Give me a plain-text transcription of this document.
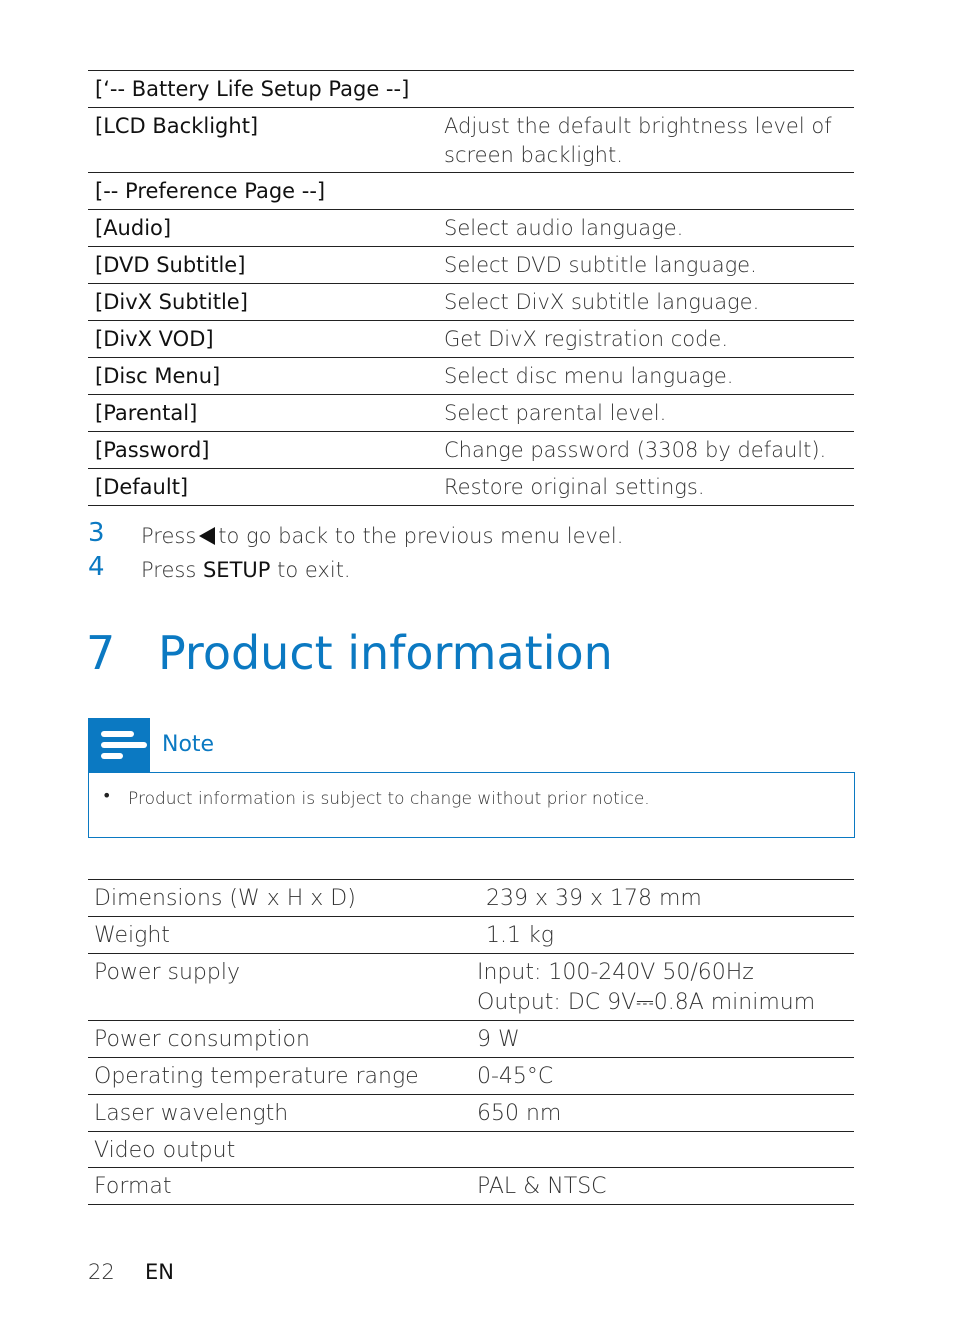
[‘-- Battery Life Setup Page --]	
[LCD Backlight]	Adjust the default brightness level of
screen backlight.

[-- Preference Page --]	
[Audio]	Select audio language.
[DVD Subtitle]	Select DVD subtitle language.
[DivX Subtitle]	Select DivX subtitle language.
[DivX VOD]	Get DivX registration code.
[Disc Menu]	Select disc menu language.
[Parental]	Select parental level.
[Password]	Change password (3308 by default).
[Default]	Restore original settings.
3 Press to go back to the previous menu level.
4 Press SETUP to exit.
7 Product information
Note
• Product information is subject to change without prior notice.
Dimensions (W x H x D)	239 x 39 x 178 mm
Weight	1.1 kg
Power supply	Input: 100-240V 50/60Hz
Output: DC 9V⎓0.8A minimum

Power consumption	9 W
Operating temperature range	0-45°C
Laser wavelength	650 nm
Video output	
Format	PAL & NTSC
22 EN
